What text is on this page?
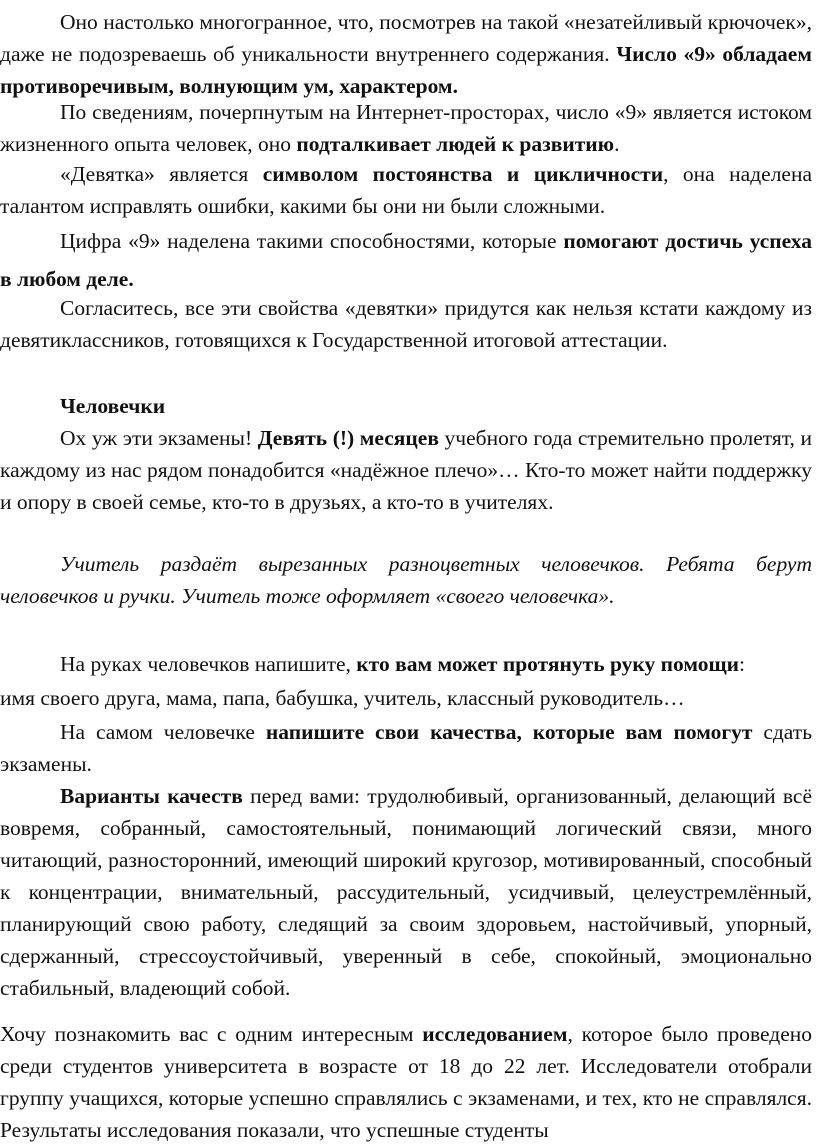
Оно настолько многогранное, что, посмотрев на такой «незатейливый крючочек», даже не подозреваешь об уникальности внутреннего содержания. Число «9» обладаем противоречивым, волнующим ум, характером.

По сведениям, почерпнутым на Интернет-просторах, число «9» является истоком жизненного опыта человек, оно подталкивает людей к развитию.

«Девятка» является символом постоянства и цикличности, она наделена талантом исправлять ошибки, какими бы они ни были сложными.

Цифра «9» наделена такими способностями, которые помогают достичь успеха в любом деле.

Согласитесь, все эти свойства «девятки» придутся как нельзя кстати каждому из девятиклассников, готовящихся к Государственной итоговой аттестации.

Человечки

Ох уж эти экзамены! Девять (!) месяцев учебного года стремительно пролетят, и каждому из нас рядом понадобится «надёжное плечо»… Кто-то может найти поддержку и опору в своей семье, кто-то в друзьях, а кто-то в учителях.

Учитель раздаёт вырезанных разноцветных человечков. Ребята берут человечков и ручки. Учитель тоже оформляет «своего человечка».

На руках человечков напишите, кто вам может протянуть руку помощи:

имя своего друга, мама, папа, бабушка, учитель, классный руководитель…

На самом человечке напишите свои качества, которые вам помогут сдать экзамены.

Варианты качеств перед вами: трудолюбивый, организованный, делающий всё вовремя, собранный, самостоятельный, понимающий логический связи, много читающий, разносторонний, имеющий широкий кругозор, мотивированный, способный к концентрации, внимательный, рассудительный, усидчивый, целеустремлённый, планирующий свою работу, следящий за своим здоровьем, настойчивый, упорный, сдержанный, стрессоустойчивый, уверенный в себе, спокойный, эмоционально стабильный, владеющий собой.

Хочу познакомить вас с одним интересным исследованием, которое было проведено среди студентов университета в возрасте от 18 до 22 лет. Исследователи отобрали группу учащихся, которые успешно справлялись с экзаменами, и тех, кто не справлялся. Результаты исследования показали, что успешные студенты
